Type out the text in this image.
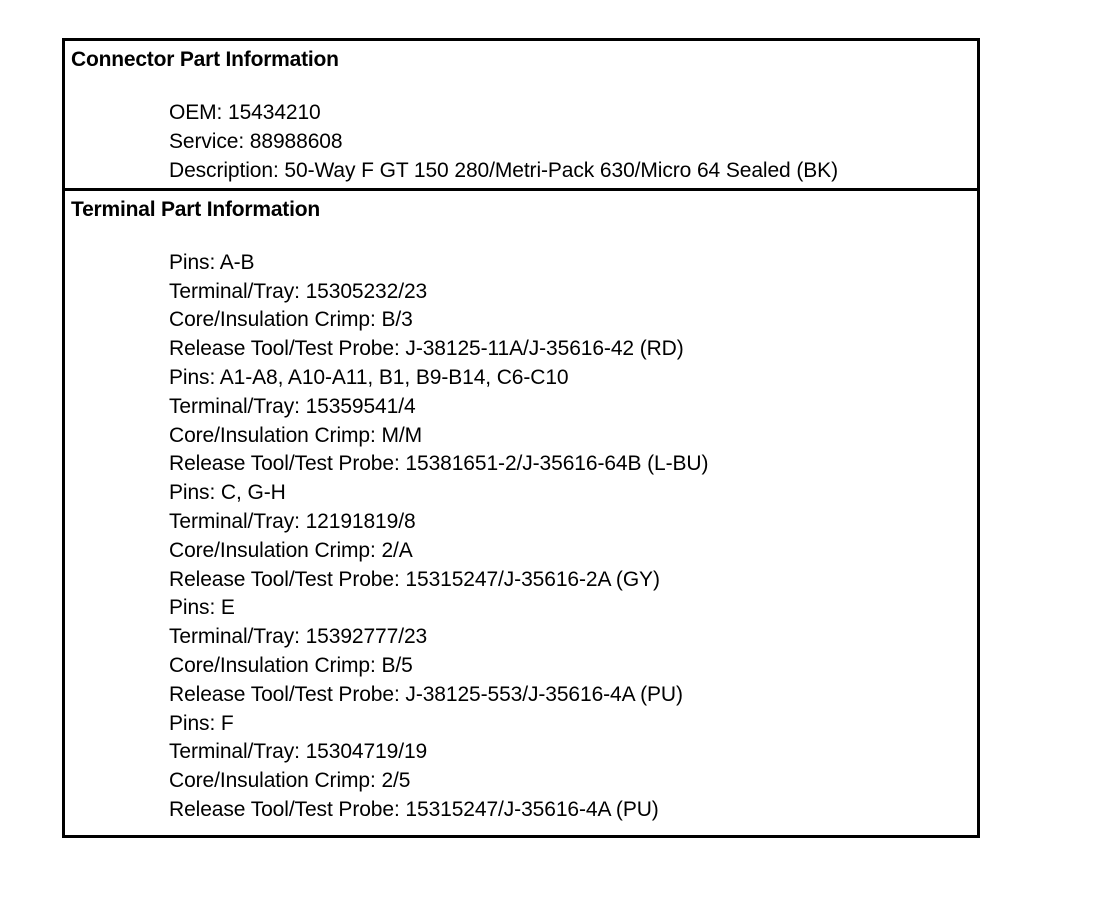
Connector Part Information
OEM: 15434210
Service: 88988608
Description: 50-Way F GT 150 280/Metri-Pack 630/Micro 64 Sealed (BK)
Terminal Part Information
Pins: A-B
Terminal/Tray: 15305232/23
Core/Insulation Crimp: B/3
Release Tool/Test Probe: J-38125-11A/J-35616-42 (RD)
Pins: A1-A8, A10-A11, B1, B9-B14, C6-C10
Terminal/Tray: 15359541/4
Core/Insulation Crimp: M/M
Release Tool/Test Probe: 15381651-2/J-35616-64B (L-BU)
Pins: C, G-H
Terminal/Tray: 12191819/8
Core/Insulation Crimp: 2/A
Release Tool/Test Probe: 15315247/J-35616-2A (GY)
Pins: E
Terminal/Tray: 15392777/23
Core/Insulation Crimp: B/5
Release Tool/Test Probe: J-38125-553/J-35616-4A (PU)
Pins: F
Terminal/Tray: 15304719/19
Core/Insulation Crimp: 2/5
Release Tool/Test Probe: 15315247/J-35616-4A (PU)
